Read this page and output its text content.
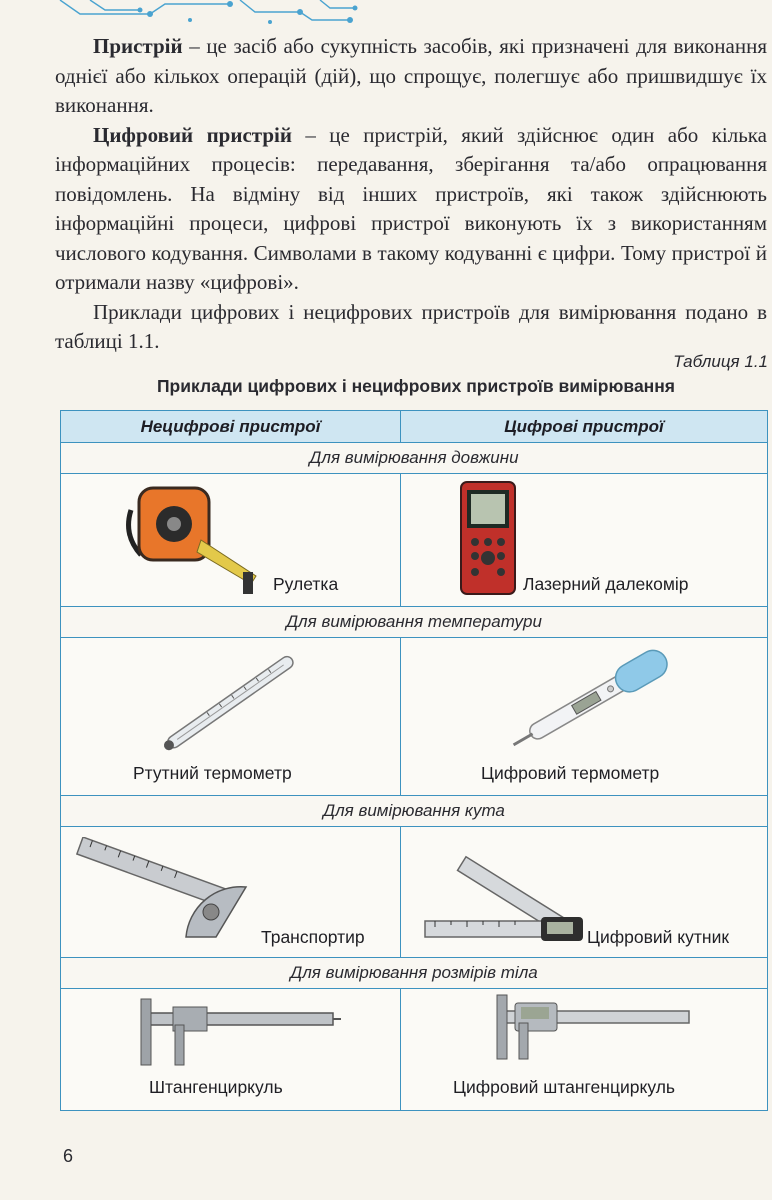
Пристрій – це засіб або сукупність засобів, які призначені для виконання однієї або кількох операцій (дій), що спрощує, полегшує або пришвидшує їх виконання.

Цифровий пристрій – це пристрій, який здійснює один або кілька інформаційних процесів: передавання, зберігання та/або опрацювання повідомлень. На відміну від інших пристроїв, які також здійснюють інформаційні процеси, цифрові пристрої виконують їх з використанням числового кодування. Символами в такому кодуванні є цифри. Тому пристрої й отримали назву «цифрові».

Приклади цифрових і нецифрових пристроїв для вимірювання подано в таблиці 1.1.

Таблиця 1.1
Приклади цифрових і нецифрових пристроїв вимірювання
Нецифрові пристрої	Цифрові пристрої
Для вимірювання довжини	

Рулетка	Лазерний далекомір

Для вимірювання температури	

Ртутний термометр	Цифровий термометр

Для вимірювання кута	

Транспортир	Цифровий кутник

Для вимірювання розмірів тіла	

Штангенциркуль	Цифровий штангенциркуль
6
